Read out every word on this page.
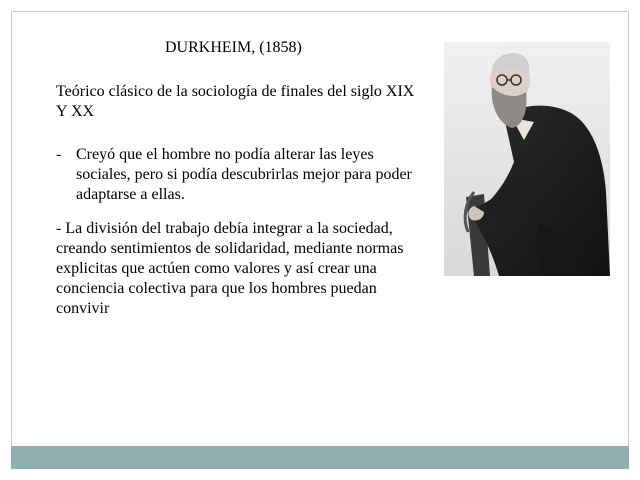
DURKHEIM, (1858)
Teórico clásico de la sociología de finales del siglo XIX Y XX
- Creyó que el hombre no podía alterar las leyes sociales, pero si podía descubrirlas mejor para poder adaptarse a ellas.
- La división del trabajo debía integrar a la sociedad, creando sentimientos de solidaridad, mediante normas explicitas que actúen como valores y así crear una conciencia colectiva para que los hombres puedan convivir
